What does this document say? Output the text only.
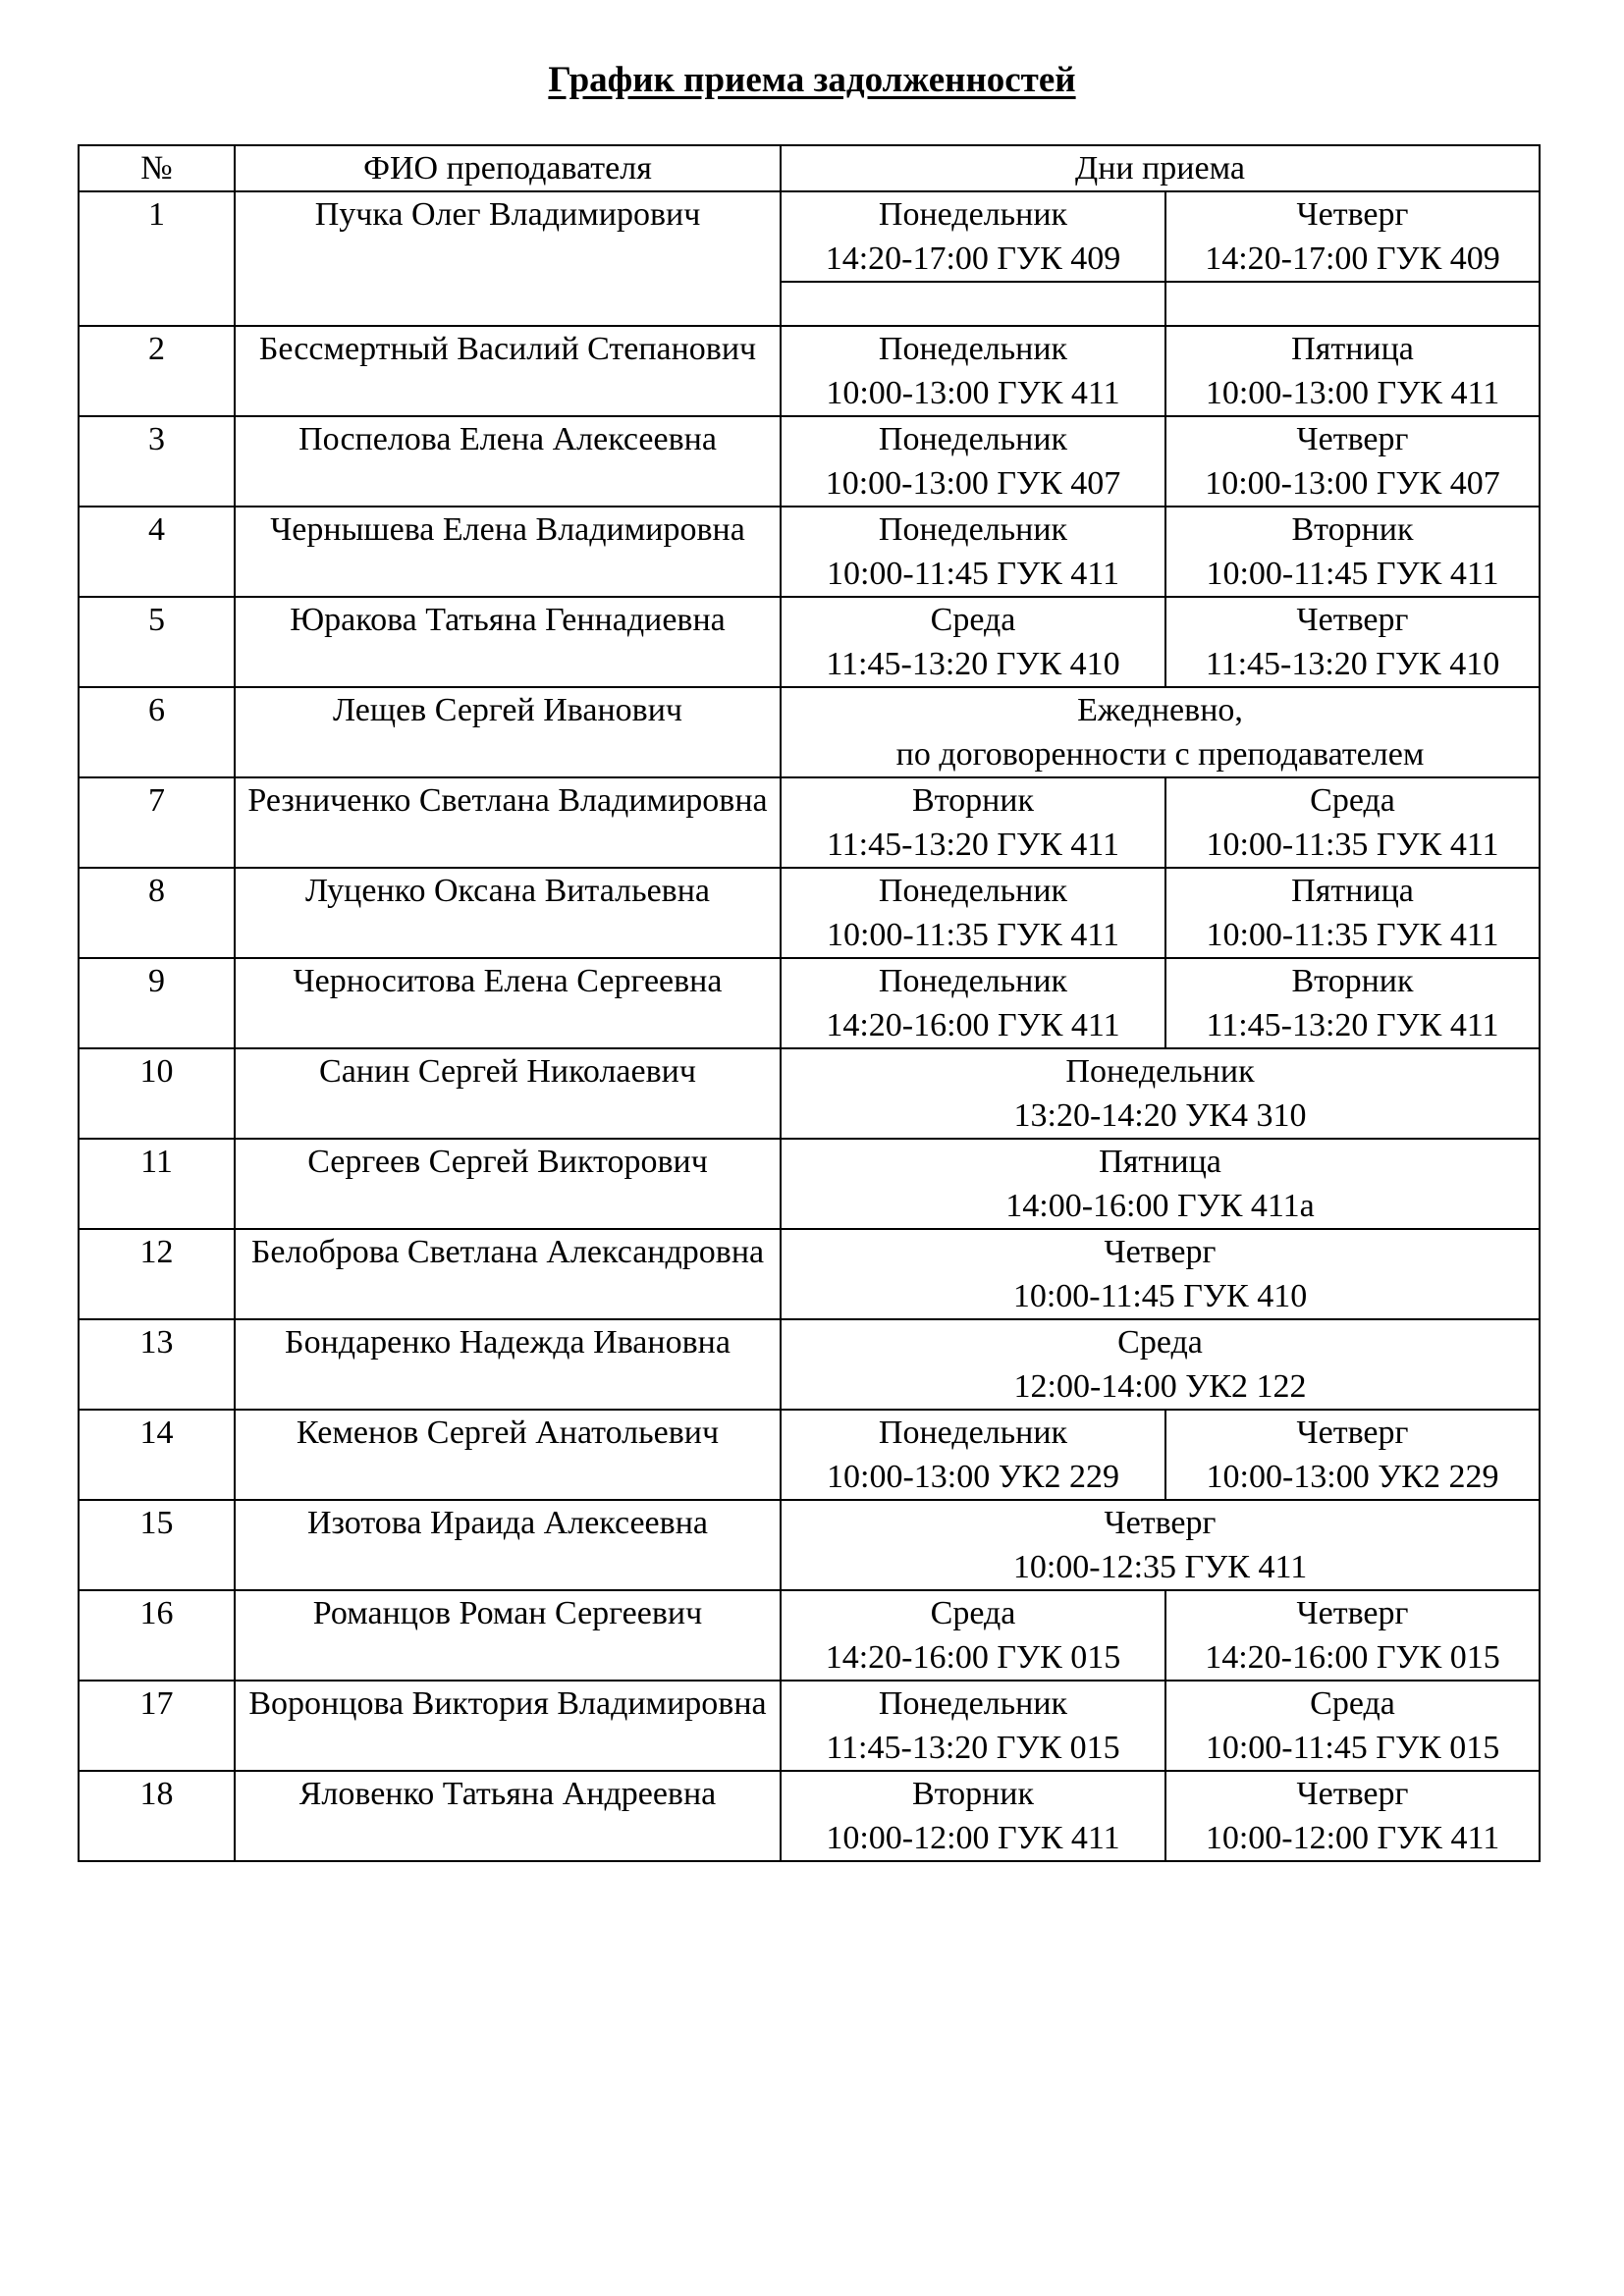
График приема задолженностей
№	ФИО преподавателя	Дни приема	
1	Пучка Олег Владимирович	Понедельник
14:20-17:00 ГУК 409	Четверг
14:20-17:00 ГУК 409

2	Бессмертный Василий Степанович	Понедельник
10:00-13:00 ГУК 411	Пятница
10:00-13:00 ГУК 411

3	Поспелова Елена Алексеевна	Понедельник
10:00-13:00 ГУК 407	Четверг
10:00-13:00 ГУК 407

4	Чернышева Елена Владимировна	Понедельник
10:00-11:45 ГУК 411	Вторник
10:00-11:45 ГУК 411

5	Юракова Татьяна Геннадиевна	Среда
11:45-13:20 ГУК 410	Четверг
11:45-13:20 ГУК 410

6	Лещев Сергей Иванович	Ежедневно,
по договоренности с преподавателем	

7	Резниченко Светлана Владимировна	Вторник
11:45-13:20 ГУК 411	Среда
10:00-11:35 ГУК 411

8	Луценко Оксана Витальевна	Понедельник
10:00-11:35 ГУК 411	Пятница
10:00-11:35 ГУК 411

9	Черноситова Елена Сергеевна	Понедельник
14:20-16:00 ГУК 411	Вторник
11:45-13:20 ГУК 411

10	Санин Сергей Николаевич	Понедельник
13:20-14:20 УК4 310	

11	Сергеев Сергей Викторович	Пятница
14:00-16:00 ГУК 411а	

12	Белоброва Светлана Александровна	Четверг
10:00-11:45 ГУК 410	

13	Бондаренко Надежда Ивановна	Среда
12:00-14:00 УК2 122	

14	Кеменов Сергей Анатольевич	Понедельник
10:00-13:00 УК2 229	Четверг
10:00-13:00 УК2 229

15	Изотова Ираида Алексеевна	Четверг
10:00-12:35 ГУК 411	

16	Романцов Роман Сергеевич	Среда
14:20-16:00 ГУК 015	Четверг
14:20-16:00 ГУК 015

17	Воронцова Виктория Владимировна	Понедельник
11:45-13:20 ГУК 015	Среда
10:00-11:45 ГУК 015

18	Яловенко Татьяна Андреевна	Вторник
10:00-12:00 ГУК 411	Четверг
10:00-12:00 ГУК 411
